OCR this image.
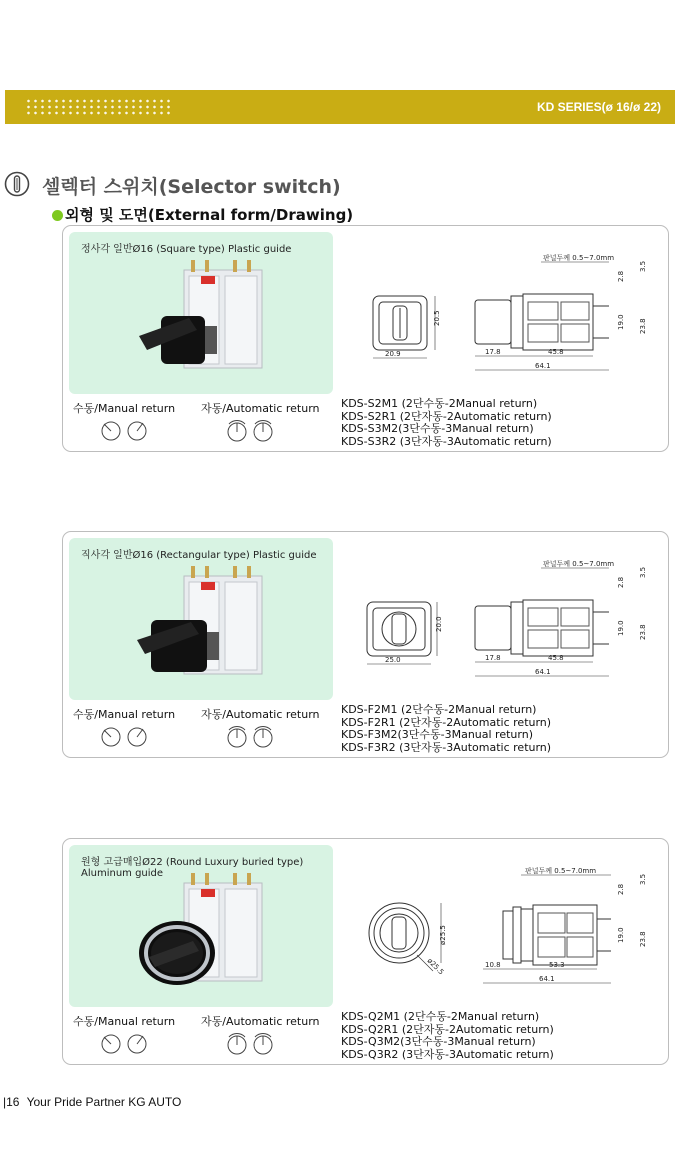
KD SERIES(ø 16/ø 22)
셀렉터 스위치(Selector switch)
외형 및 도면(External form/Drawing)
정사각 일반Ø16 (Square type) Plastic guide
20.9
20.5
판널두께 0.5~7.0mm
17.8	45.8
64.1
2.8
3.5
19.0 23.8
수동/Manual return 자동/Automatic return KDS-S2M1 (2단수동-2Manual return)
KDS-S2R1 (2단자동-2Automatic return)
KDS-S3M2(3단수동-3Manual return)
KDS-S3R2 (3단자동-3Automatic return)
직사각 일반Ø16 (Rectangular type) Plastic guide
25.0
20.0
판널두께 0.5~7.0mm
17.8	45.8
64.1
2.8
3.5
19.0 23.8
수동/Manual return 자동/Automatic return KDS-F2M1 (2단수동-2Manual return)
KDS-F2R1 (2단자동-2Automatic return)
KDS-F3M2(3단수동-3Manual return)
KDS-F3R2 (3단자동-3Automatic return)
원형 고급매입Ø22 (Round Luxury buried type) Aluminum guide
ø25.5
ø25.5
판널두께 0.5~7.0mm
10.8	53.3
64.1
2.8
3.5
19.0 23.8
수동/Manual return 자동/Automatic return KDS-Q2M1 (2단수동-2Manual return)
KDS-Q2R1 (2단자동-2Automatic return)
KDS-Q3M2(3단수동-3Manual return)
KDS-Q3R2 (3단자동-3Automatic return)
|16 Your Pride Partner KG AUTO
